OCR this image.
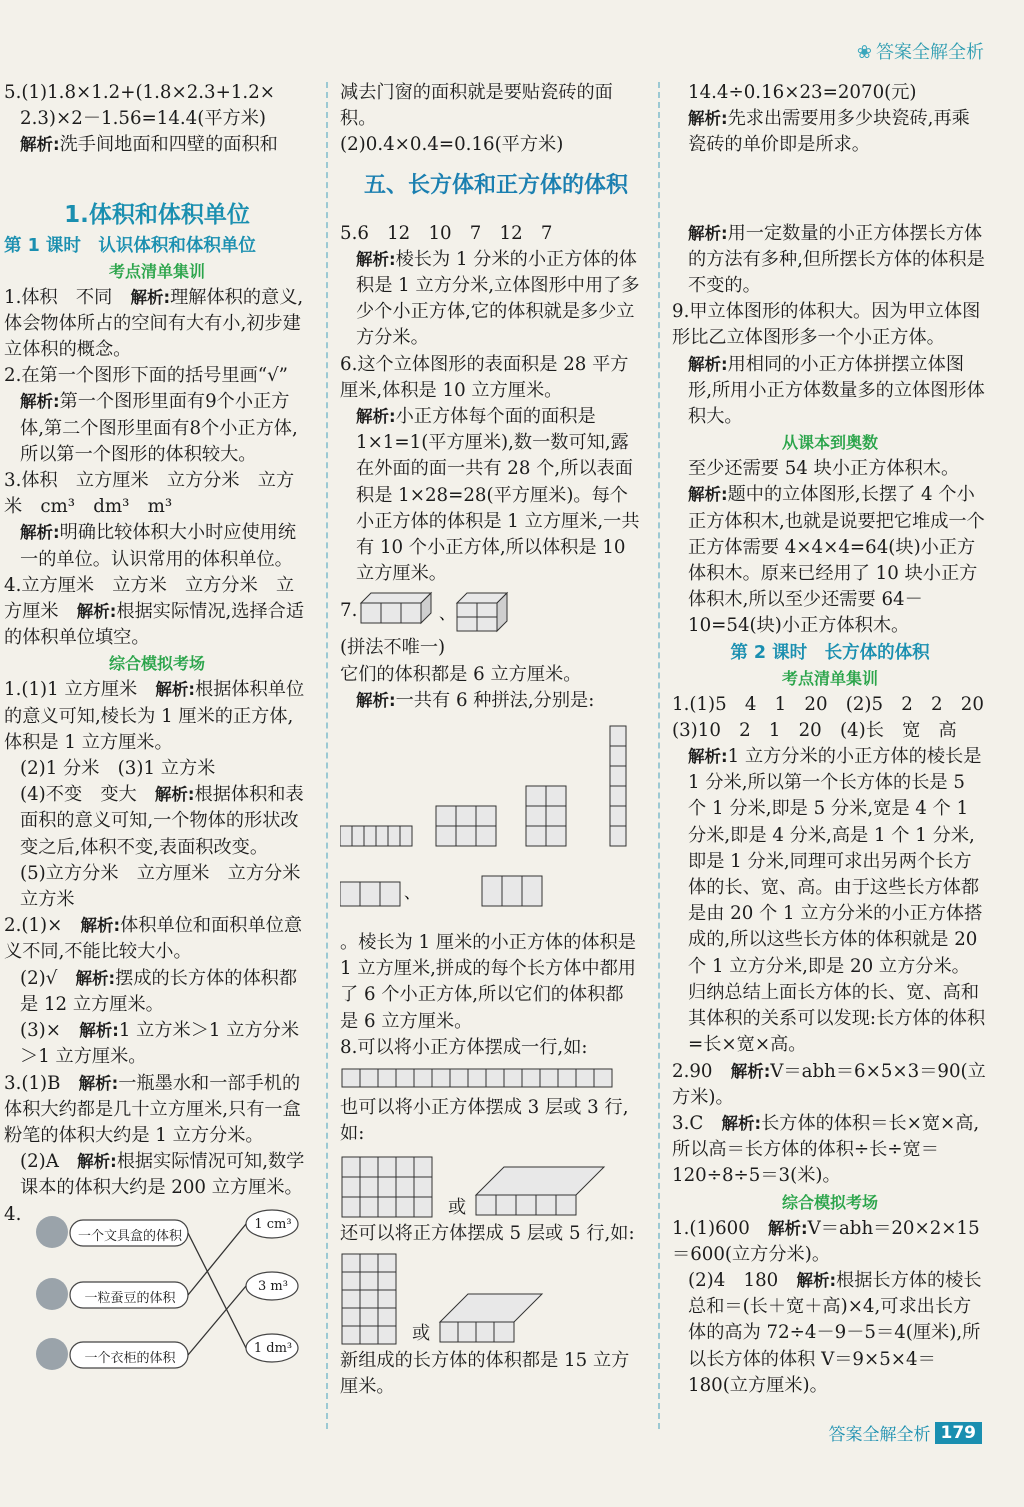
❀ 答案全解全析
五、长方体和正方体的体积

5.(1)1.8×1.2+(1.8×2.3+1.2×

2.3)×2－1.56=14.4(平方米)

解析:洗手间地面和四壁的面积和

1.体积和体积单位
第 1 课时　认识体积和体积单位
考点清单集训

1.体积　不同　解析:理解体积的意义,体会物体所占的空间有大有小,初步建立体积的概念。

2.在第一个图形下面的括号里画“√”

解析:第一个图形里面有9个小正方体,第二个图形里面有8个小正方体,所以第一个图形的体积较大。

3.体积　立方厘米　立方分米　立方米　cm³　dm³　m³

解析:明确比较体积大小时应使用统一的单位。认识常用的体积单位。

4.立方厘米　立方米　立方分米　立方厘米　解析:根据实际情况,选择合适的体积单位填空。

综合模拟考场

1.(1)1 立方厘米　解析:根据体积单位的意义可知,棱长为 1 厘米的正方体,体积是 1 立方厘米。

(2)1 分米　(3)1 立方米

(4)不变　变大　解析:根据体积和表面积的意义可知,一个物体的形状改变之后,体积不变,表面积改变。

(5)立方分米　立方厘米　立方分米　立方米

2.(1)×　解析:体积单位和面积单位意义不同,不能比较大小。

(2)√　解析:摆成的长方体的体积都是 12 立方厘米。

(3)×　解析:1 立方米＞1 立方分米＞1 立方厘米。

3.(1)B　解析:一瓶墨水和一部手机的体积大约都是几十立方厘米,只有一盒粉笔的体积大约是 1 立方分米。

(2)A　解析:根据实际情况可知,数学课本的体积大约是 200 立方厘米。

4.
一个文具盒的体积
一粒蚕豆的体积
一个衣柜的体积
1 cm³
3 m³
1 dm³

减去门窗的面积就是要贴瓷砖的面积。

(2)0.4×0.4=0.16(平方米)

5.6　12　10　7　12　7

解析:棱长为 1 分米的小正方体的体积是 1 立方分米,立体图形中用了多少个小正方体,它的体积就是多少立方分米。

6.这个立体图形的表面积是 28 平方厘米,体积是 10 立方厘米。

解析:小正方体每个面的面积是 1×1=1(平方厘米),数一数可知,露在外面的面一共有 28 个,所以表面积是 1×28=28(平方厘米)。每个小正方体的体积是 1 立方厘米,一共有 10 个小正方体,所以体积是 10 立方厘米。

7.	、

(拼法不唯一)

它们的体积都是 6 立方厘米。

解析:一共有 6 种拼法,分别是:

、

。棱长为 1 厘米的小正方体的体积是 1 立方厘米,拼成的每个长方体中都用了 6 个小正方体,所以它们的体积都是 6 立方厘米。

8.可以将小正方体摆成一行,如:

也可以将小正方体摆成 3 层或 3 行,如:

或

还可以将正方体摆成 5 层或 5 行,如:

或

新组成的长方体的体积都是 15 立方厘米。

14.4÷0.16×23=2070(元)

解析:先求出需要用多少块瓷砖,再乘瓷砖的单价即是所求。

解析:用一定数量的小正方体摆长方体的方法有多种,但所摆长方体的体积是不变的。

9.甲立体图形的体积大。因为甲立体图形比乙立体图形多一个小正方体。

解析:用相同的小正方体拼摆立体图形,所用小正方体数量多的立体图形体积大。

从课本到奥数

至少还需要 54 块小正方体积木。

解析:题中的立体图形,长摆了 4 个小正方体积木,也就是说要把它堆成一个正方体需要 4×4×4=64(块)小正方体积木。原来已经用了 10 块小正方体积木,所以至少还需要 64－10=54(块)小正方体积木。

第 2 课时　长方体的体积
考点清单集训

1.(1)5　4　1　20　(2)5　2　2　20　(3)10　2　1　20　(4)长　宽　高

解析:1 立方分米的小正方体的棱长是 1 分米,所以第一个长方体的长是 5 个 1 分米,即是 5 分米,宽是 4 个 1 分米,即是 4 分米,高是 1 个 1 分米,即是 1 分米,同理可求出另两个长方体的长、宽、高。由于这些长方体都是由 20 个 1 立方分米的小正方体搭成的,所以这些长方体的体积就是 20 个 1 立方分米,即是 20 立方分米。归纳总结上面长方体的长、宽、高和其体积的关系可以发现:长方体的体积=长×宽×高。

2.90　解析:V＝abh＝6×5×3＝90(立方米)。

3.C　解析:长方体的体积＝长×宽×高,所以高＝长方体的体积÷长÷宽＝120÷8÷5＝3(米)。

综合模拟考场

1.(1)600　解析:V＝abh＝20×2×15＝600(立方分米)。

(2)4　180　解析:根据长方体的棱长总和＝(长＋宽＋高)×4,可求出长方体的高为 72÷4－9－5＝4(厘米),所以长方体的体积 V＝9×5×4＝180(立方厘米)。

答案全解全析 179
